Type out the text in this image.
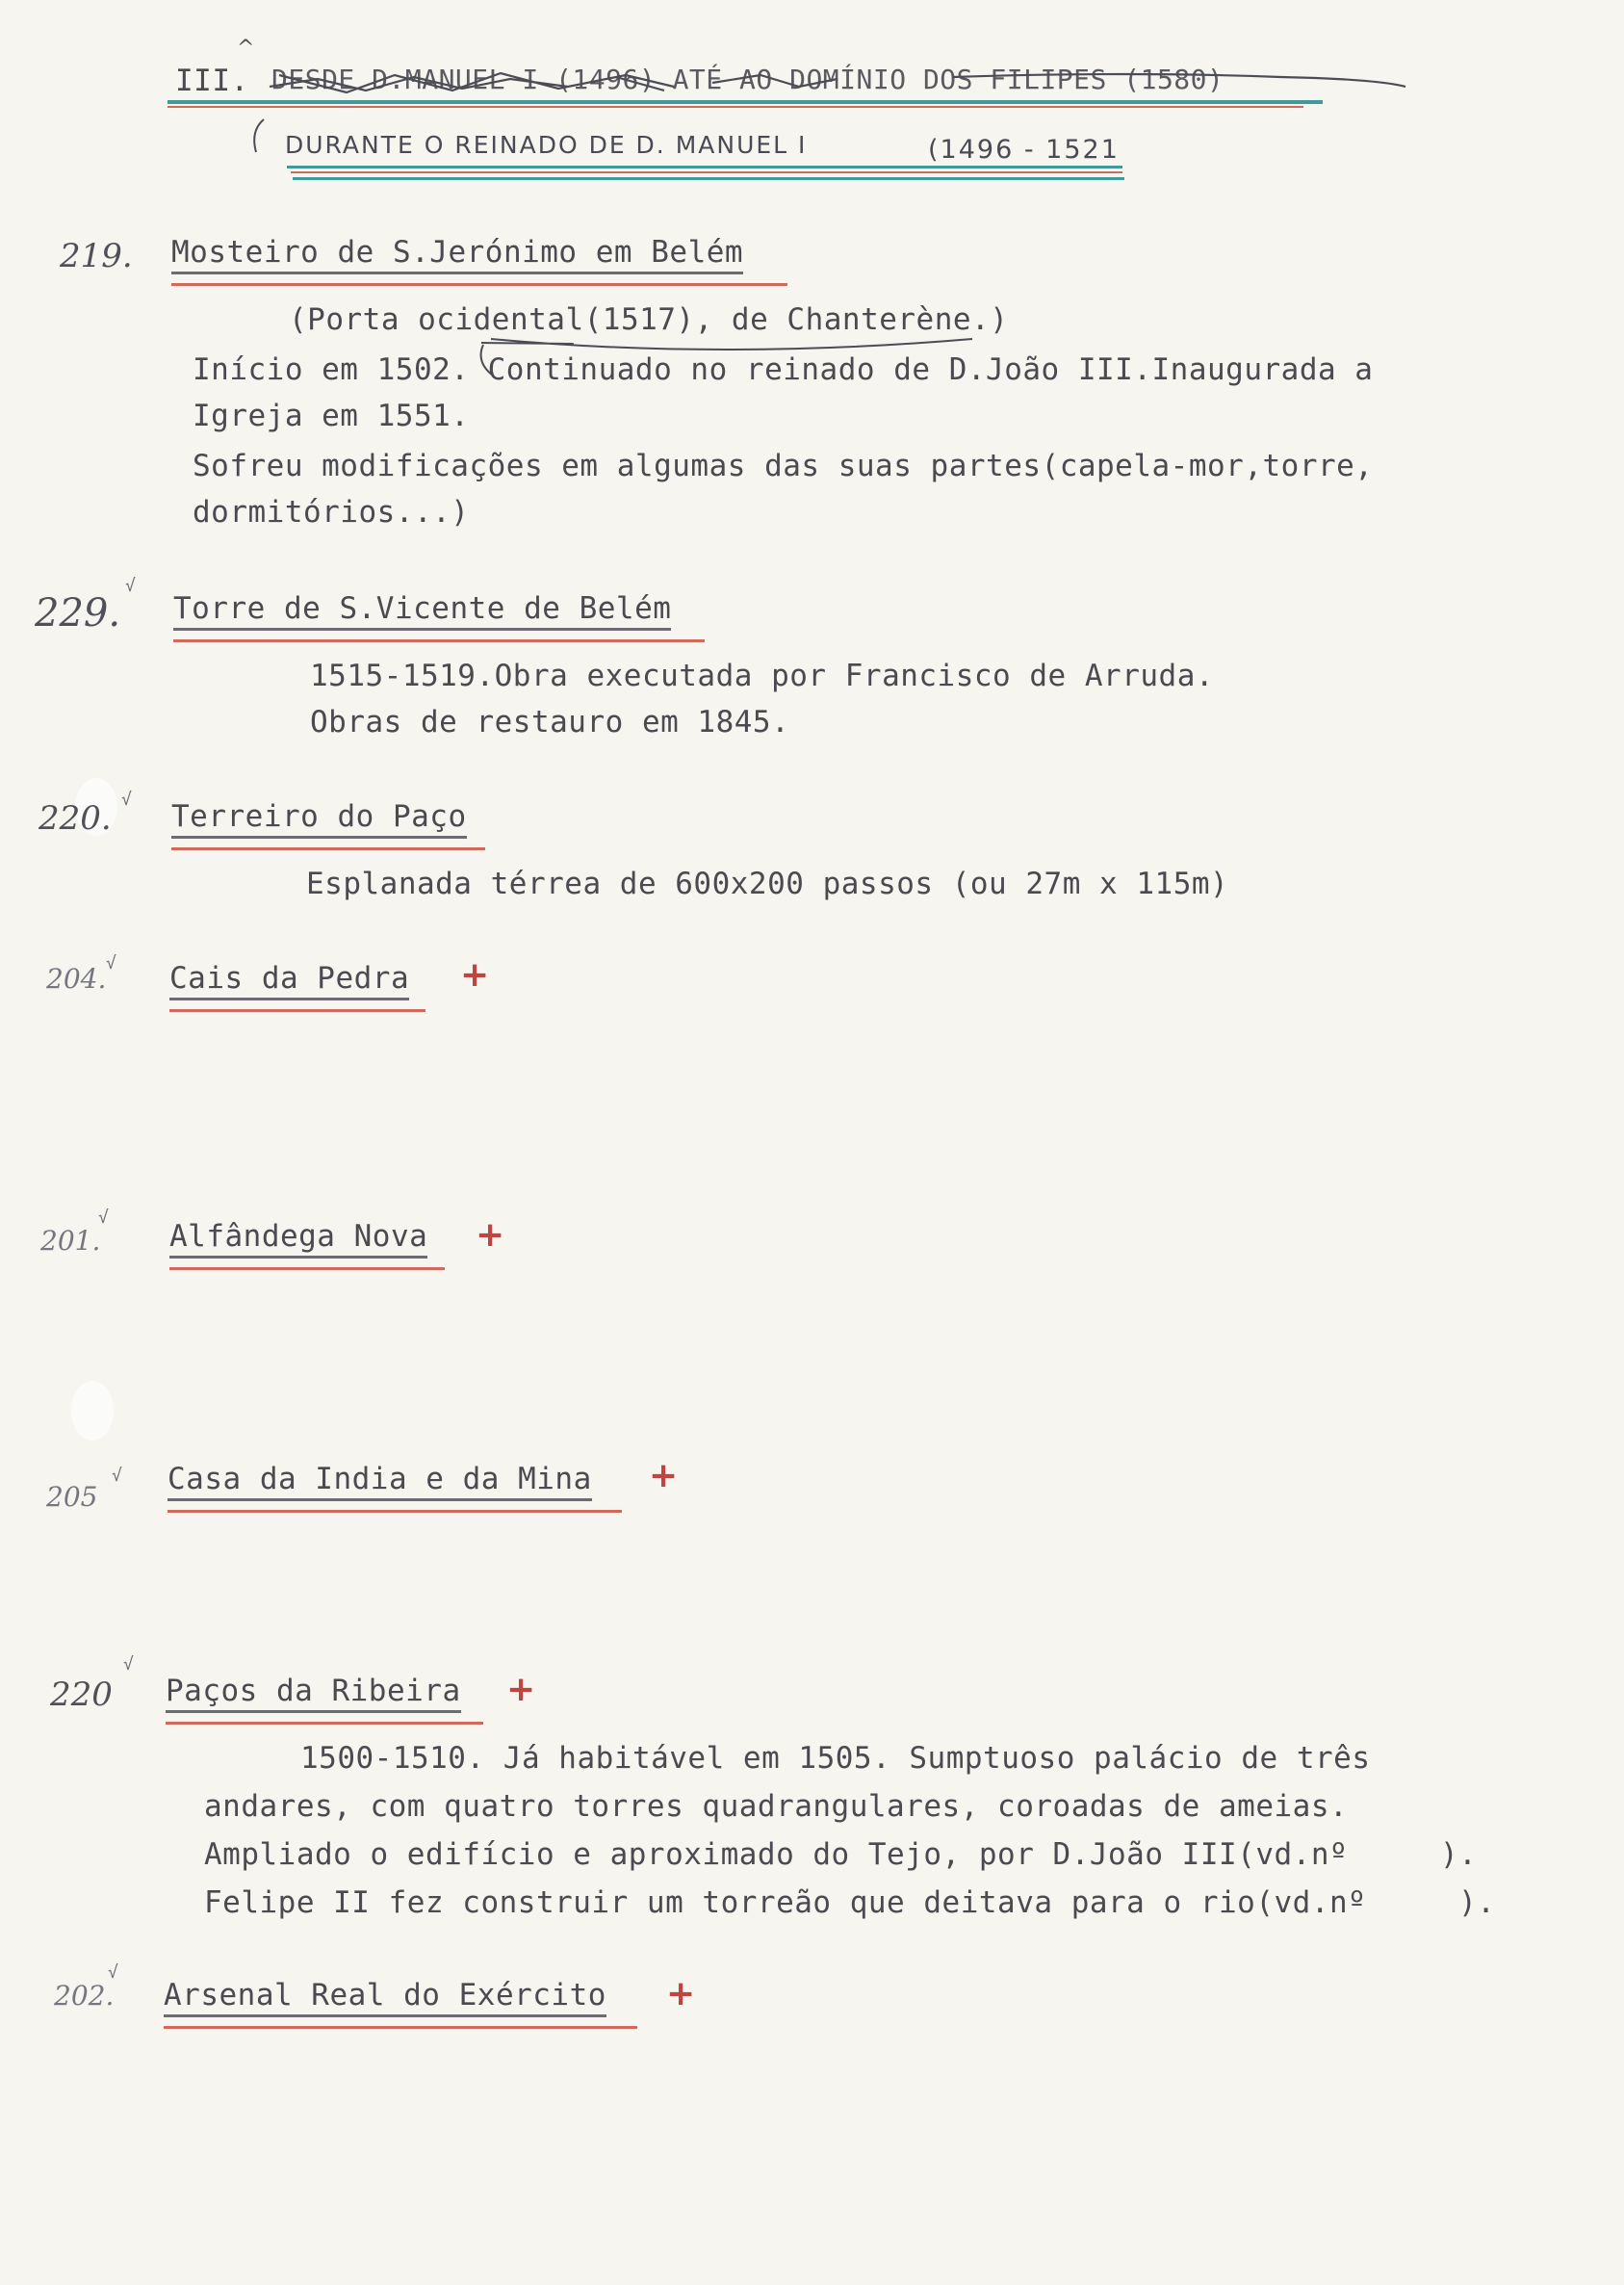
III.
^
DESDE D.MANUEL I (1496) ATÉ AO DOMÍNIO DOS FILIPES (1580)
DURANTE O REINADO DE D. MANUEL I	(1496 - 1521
219. Mosteiro de S.Jerónimo em Belém
(Porta ocidental(1517), de Chanterène.)
Início em 1502. Continuado no reinado de D.João III.Inaugurada a
Igreja em 1551.
Sofreu modificações em algumas das suas partes(capela-mor,torre,
dormitórios...)
229.
√
Torre de S.Vicente de Belém
1515-1519.Obra executada por Francisco de Arruda.
Obras de restauro em 1845.
220. √ Terreiro do Paço
Esplanada térrea de 600x200 passos (ou 27m x 115m)
204. √ Cais da Pedra +
201.
√
Alfândega Nova +
205
√ Casa da India e da Mina +
220
√
Paços da Ribeira +
1500-1510. Já habitável em 1505. Sumptuoso palácio de três
andares, com quatro torres quadrangulares, coroadas de ameias.
Ampliado o edifício e aproximado do Tejo, por D.João III(vd.nº     ).
Felipe II fez construir um torreão que deitava para o rio(vd.nº     ).
202.
√
Arsenal Real do Exército +
